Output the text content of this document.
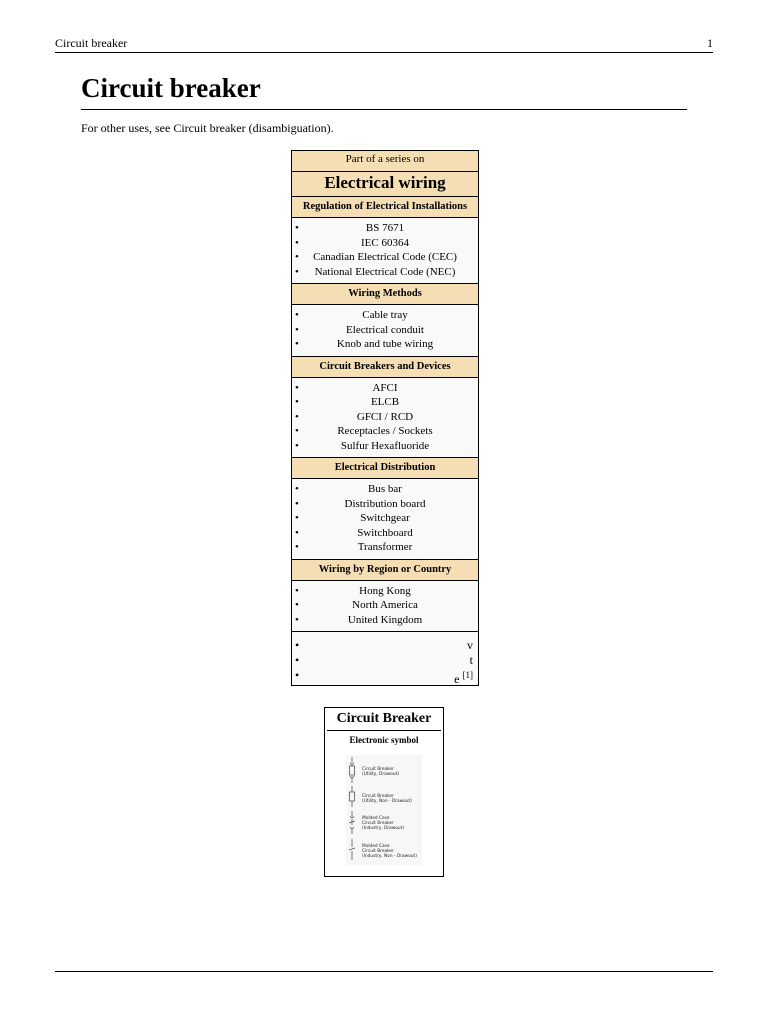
Circuit breaker	1
Circuit breaker
For other uses, see Circuit breaker (disambiguation).
Part of a series on
Electrical wiring
Regulation of Electrical Installations
•	BS 7671
•	IEC 60364
• Canadian Electrical Code (CEC)
• National Electrical Code (NEC)
Wiring Methods
•	Cable tray
•	Electrical conduit
•	Knob and tube wiring
Circuit Breakers and Devices
•	AFCI
•	ELCB
•	GFCI / RCD
•	Receptacles / Sockets
•	Sulfur Hexafluoride
Electrical Distribution
•	Bus bar
•	Distribution board
•	Switchgear
•	Switchboard
•	Transformer
Wiring by Region or Country
•	Hong Kong
•	North America
•	United Kingdom
•	v
•	t
•	e [1]
Circuit Breaker
Electronic symbol
Circuit Breaker
(Utility, Drawout)
Circuit Breaker
(Utility, Non - Drawout)
Molded Case
Circuit Breaker
(Industry, Drawout)
Molded Case
Circuit Breaker
(Industry, Non - Drawout)
